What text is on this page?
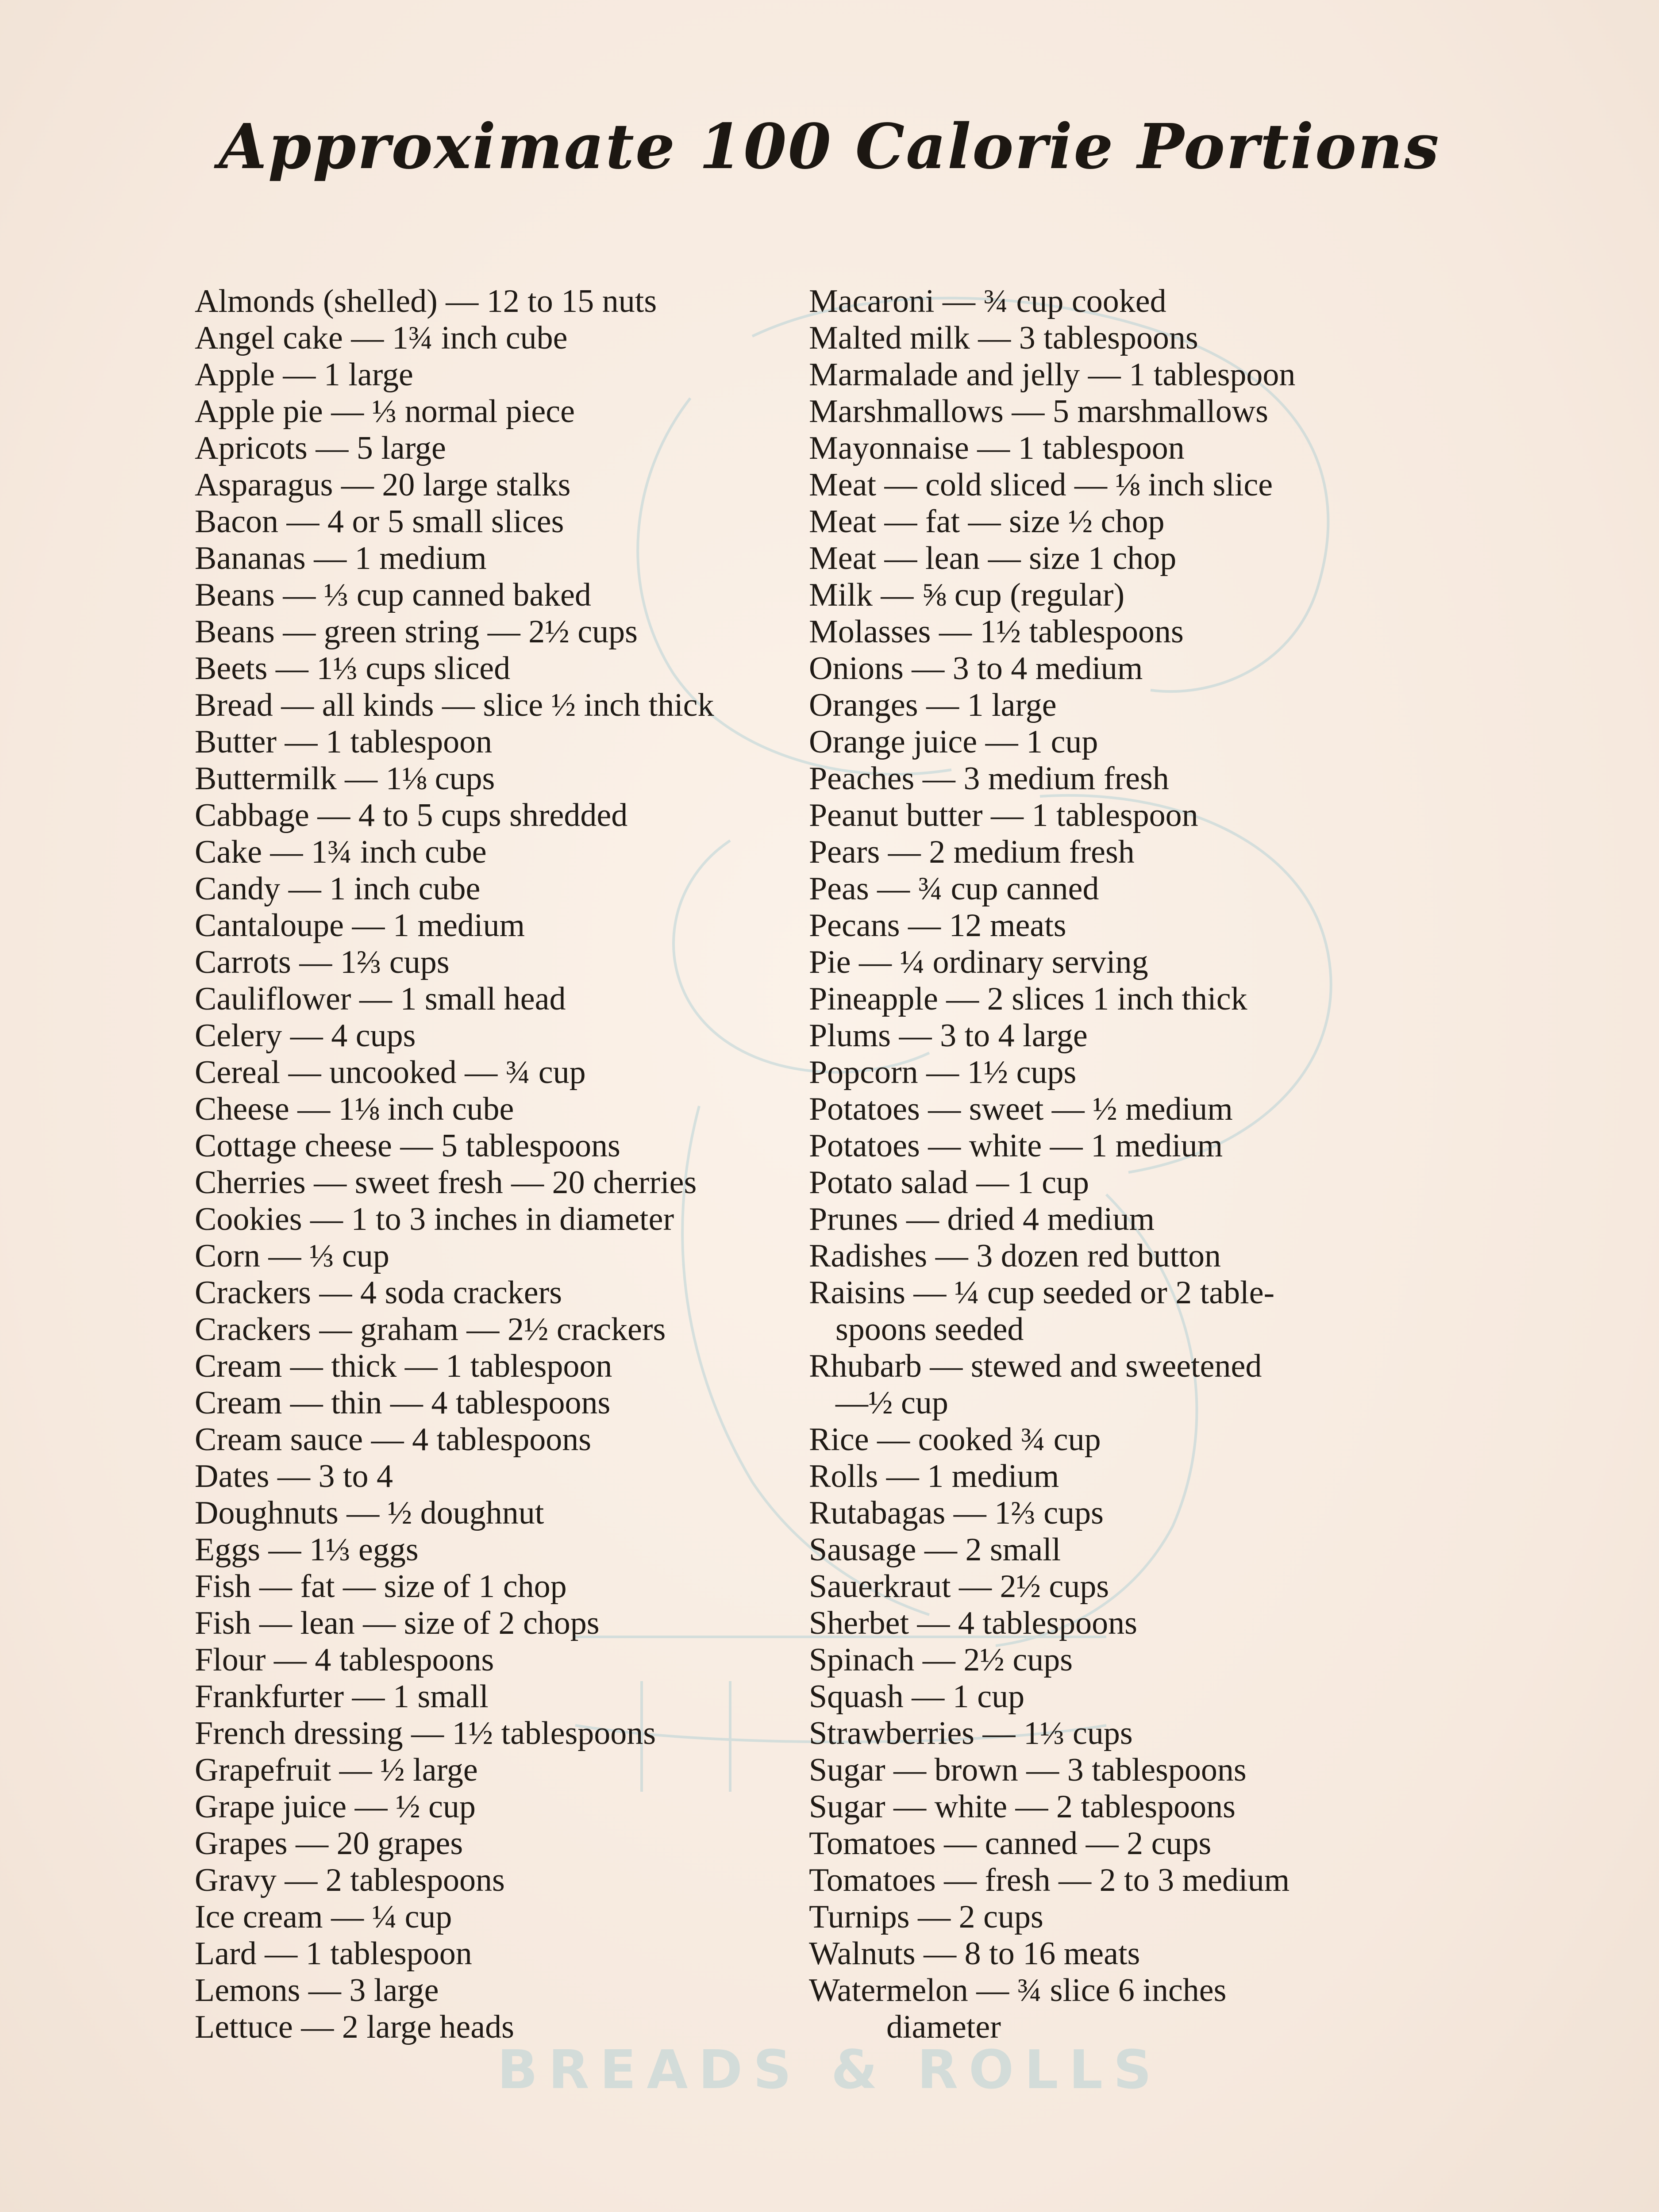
BREADS & ROLLS
Approximate 100 Calorie Portions
Almonds (shelled) — 12 to 15 nuts
Angel cake — 1¾ inch cube
Apple — 1 large
Apple pie — ⅓ normal piece
Apricots — 5 large
Asparagus — 20 large stalks
Bacon — 4 or 5 small slices
Bananas — 1 medium
Beans — ⅓ cup canned baked
Beans — green string — 2½ cups
Beets — 1⅓ cups sliced
Bread — all kinds — slice ½ inch thick
Butter — 1 tablespoon
Buttermilk — 1⅛ cups
Cabbage — 4 to 5 cups shredded
Cake — 1¾ inch cube
Candy — 1 inch cube
Cantaloupe — 1 medium
Carrots — 1⅔ cups
Cauliflower — 1 small head
Celery — 4 cups
Cereal — uncooked — ¾ cup
Cheese — 1⅛ inch cube
Cottage cheese — 5 tablespoons
Cherries — sweet fresh — 20 cherries
Cookies — 1 to 3 inches in diameter
Corn — ⅓ cup
Crackers — 4 soda crackers
Crackers — graham — 2½ crackers
Cream — thick — 1 tablespoon
Cream — thin — 4 tablespoons
Cream sauce — 4 tablespoons
Dates — 3 to 4
Doughnuts — ½ doughnut
Eggs — 1⅓ eggs
Fish — fat — size of 1 chop
Fish — lean — size of 2 chops
Flour — 4 tablespoons
Frankfurter — 1 small
French dressing — 1½ tablespoons
Grapefruit — ½ large
Grape juice — ½ cup
Grapes — 20 grapes
Gravy — 2 tablespoons
Ice cream — ¼ cup
Lard — 1 tablespoon
Lemons — 3 large
Lettuce — 2 large heads
Macaroni — ¾ cup cooked
Malted milk — 3 tablespoons
Marmalade and jelly — 1 tablespoon
Marshmallows — 5 marshmallows
Mayonnaise — 1 tablespoon
Meat — cold sliced — ⅛ inch slice
Meat — fat — size ½ chop
Meat — lean — size 1 chop
Milk — ⅝ cup (regular)
Molasses — 1½ tablespoons
Onions — 3 to 4 medium
Oranges — 1 large
Orange juice — 1 cup
Peaches — 3 medium fresh
Peanut butter — 1 tablespoon
Pears — 2 medium fresh
Peas — ¾ cup canned
Pecans — 12 meats
Pie — ¼ ordinary serving
Pineapple — 2 slices 1 inch thick
Plums — 3 to 4 large
Popcorn — 1½ cups
Potatoes — sweet — ½ medium
Potatoes — white — 1 medium
Potato salad — 1 cup
Prunes — dried 4 medium
Radishes — 3 dozen red button
Raisins — ¼ cup seeded or 2 table-
spoons seeded
Rhubarb — stewed and sweetened
—½ cup
Rice — cooked ¾ cup
Rolls — 1 medium
Rutabagas — 1⅔ cups
Sausage — 2 small
Sauerkraut — 2½ cups
Sherbet — 4 tablespoons
Spinach — 2½ cups
Squash — 1 cup
Strawberries — 1⅓ cups
Sugar — brown — 3 tablespoons
Sugar — white — 2 tablespoons
Tomatoes — canned — 2 cups
Tomatoes — fresh — 2 to 3 medium
Turnips — 2 cups
Walnuts — 8 to 16 meats
Watermelon — ¾ slice 6 inches
diameter
